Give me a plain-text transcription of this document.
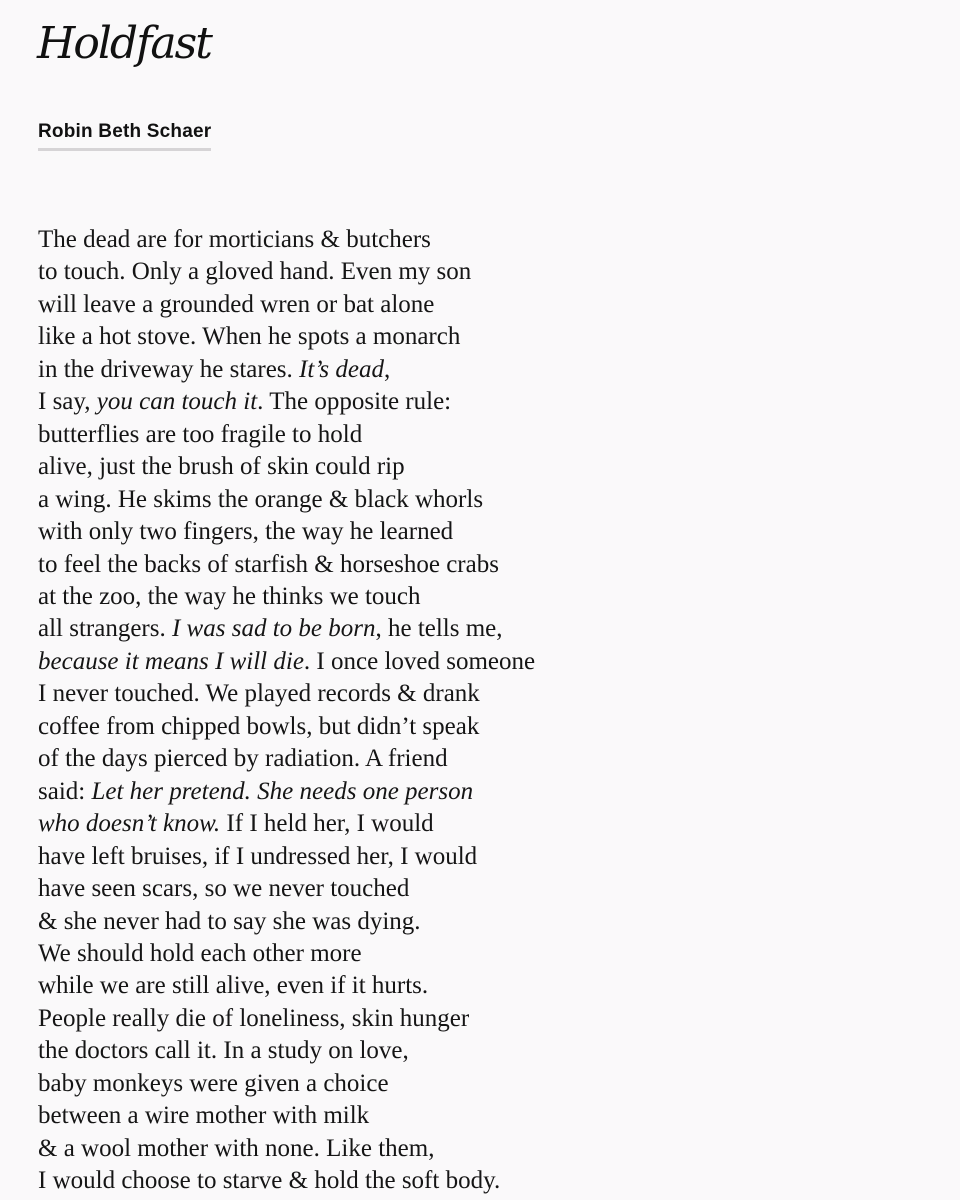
Holdfast
Robin Beth Schaer
The dead are for morticians & butchers
to touch. Only a gloved hand. Even my son
will leave a grounded wren or bat alone
like a hot stove. When he spots a monarch
in the driveway he stares. It’s dead,
I say, you can touch it. The opposite rule:
butterflies are too fragile to hold
alive, just the brush of skin could rip
a wing. He skims the orange & black whorls
with only two fingers, the way he learned
to feel the backs of starfish & horseshoe crabs
at the zoo, the way he thinks we touch
all strangers. I was sad to be born, he tells me,
because it means I will die. I once loved someone
I never touched. We played records & drank
coffee from chipped bowls, but didn’t speak
of the days pierced by radiation. A friend
said: Let her pretend. She needs one person
who doesn’t know. If I held her, I would
have left bruises, if I undressed her, I would
have seen scars, so we never touched
& she never had to say she was dying.
We should hold each other more
while we are still alive, even if it hurts.
People really die of loneliness, skin hunger
the doctors call it. In a study on love,
baby monkeys were given a choice
between a wire mother with milk
& a wool mother with none. Like them,
I would choose to starve & hold the soft body.
